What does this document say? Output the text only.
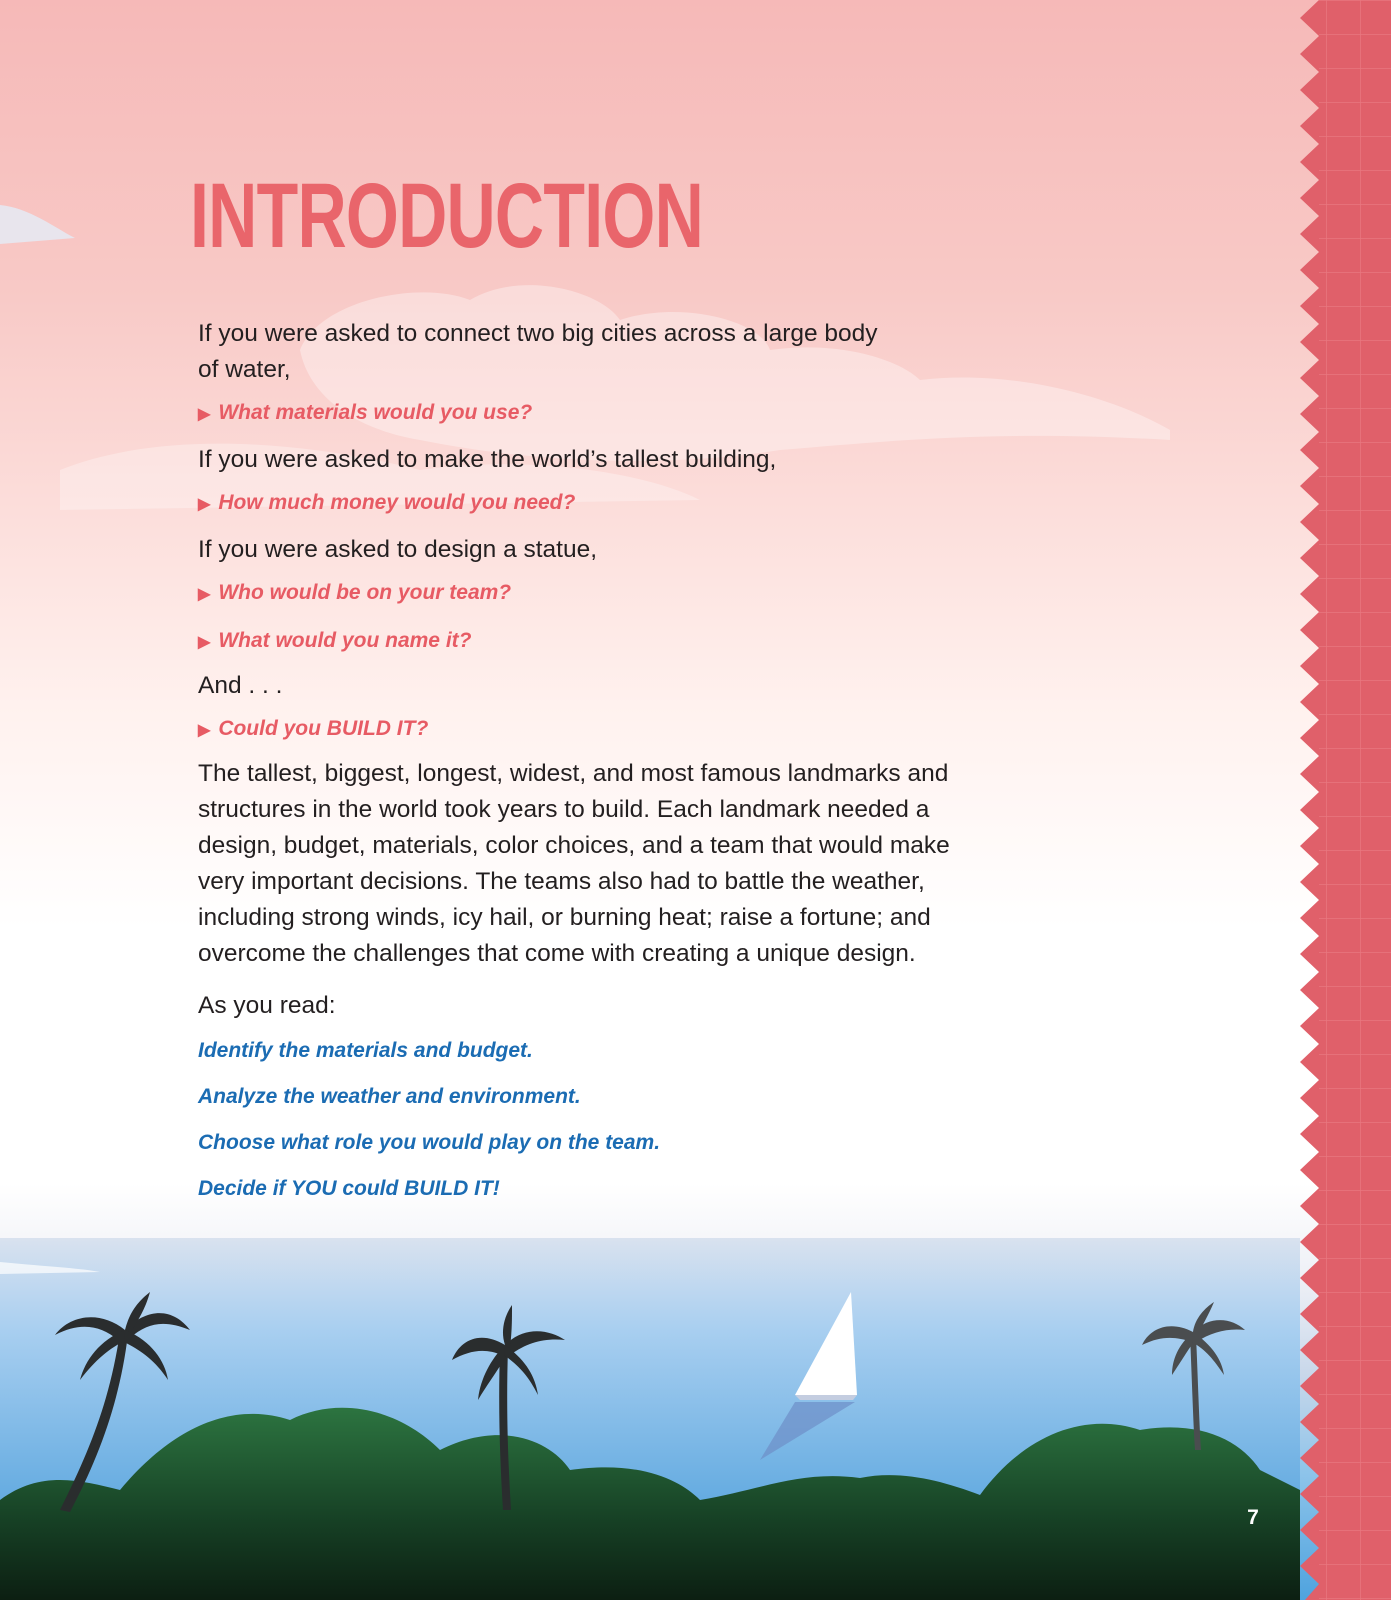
INTRODUCTION

If you were asked to connect two big cities across a large body

of water,

▶ What materials would you use?

If you were asked to make the world’s tallest building,

▶ How much money would you need?

If you were asked to design a statue,

▶ Who would be on your team?

▶ What would you name it?

And . . .

▶ Could you BUILD IT?

The tallest, biggest, longest, widest, and most famous landmarks and

structures in the world took years to build. Each landmark needed a

design, budget, materials, color choices, and a team that would make

very important decisions. The teams also had to battle the weather,

including strong winds, icy hail, or burning heat; raise a fortune; and

overcome the challenges that come with creating a unique design.

As you read:

Identify the materials and budget.

Analyze the weather and environment.

Choose what role you would play on the team.

Decide if YOU could BUILD IT!

7
